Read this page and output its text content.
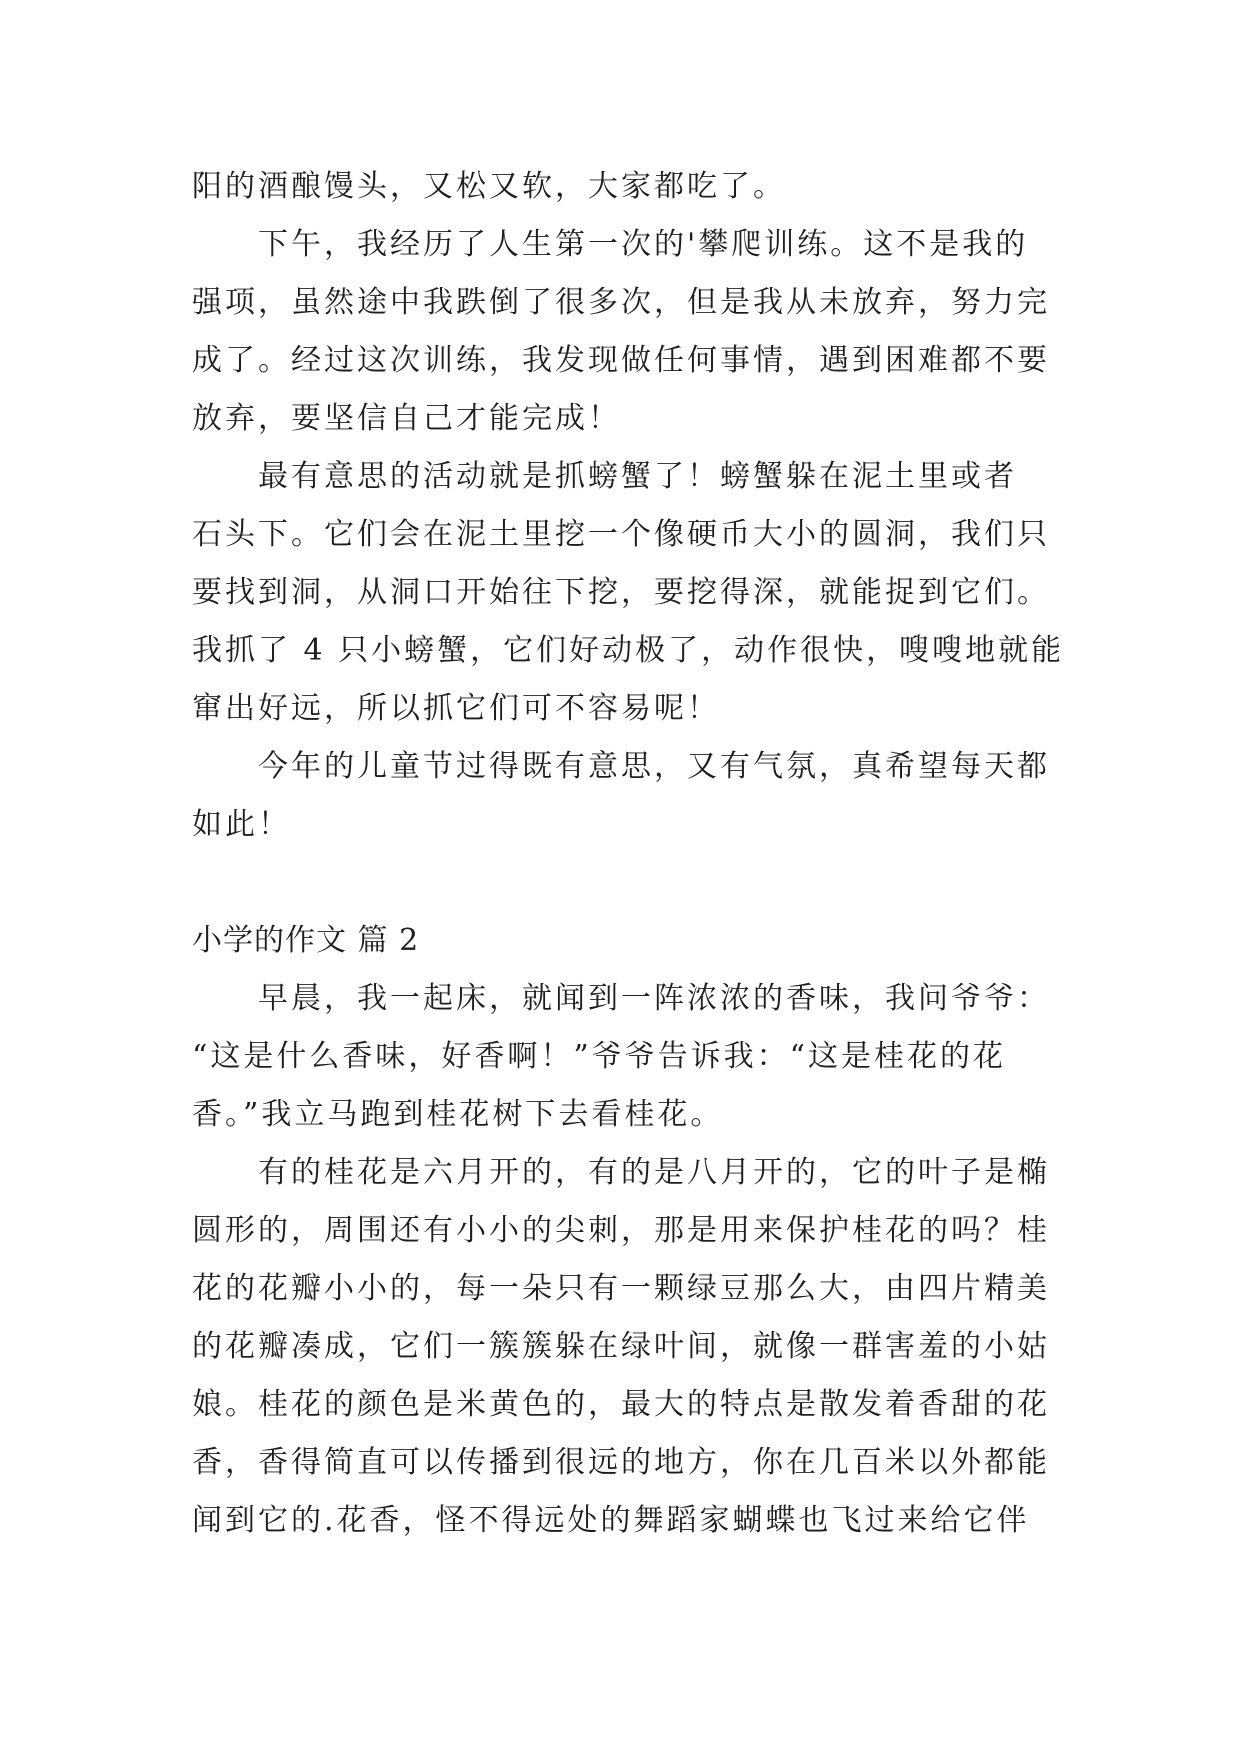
阳的酒酿馒头，又松又软，大家都吃了。
下午，我经历了人生第一次的'攀爬训练。这不是我的
强项，虽然途中我跌倒了很多次，但是我从未放弃，努力完
成了。经过这次训练，我发现做任何事情，遇到困难都不要
放弃，要坚信自己才能完成！
最有意思的活动就是抓螃蟹了！螃蟹躲在泥土里或者
石头下。它们会在泥土里挖一个像硬币大小的圆洞，我们只
要找到洞，从洞口开始往下挖，要挖得深，就能捉到它们。
我抓了 4 只小螃蟹，它们好动极了，动作很快，嗖嗖地就能
窜出好远，所以抓它们可不容易呢！
今年的儿童节过得既有意思，又有气氛，真希望每天都
如此！
小学的作文 篇 2
早晨，我一起床，就闻到一阵浓浓的香味，我问爷爷：
“这是什么香味，好香啊！”爷爷告诉我：“这是桂花的花
香。”我立马跑到桂花树下去看桂花。
有的桂花是六月开的，有的是八月开的，它的叶子是椭
圆形的，周围还有小小的尖刺，那是用来保护桂花的吗？桂
花的花瓣小小的，每一朵只有一颗绿豆那么大，由四片精美
的花瓣凑成，它们一簇簇躲在绿叶间，就像一群害羞的小姑
娘。桂花的颜色是米黄色的，最大的特点是散发着香甜的花
香，香得简直可以传播到很远的地方，你在几百米以外都能
闻到它的.花香，怪不得远处的舞蹈家蝴蝶也飞过来给它伴
